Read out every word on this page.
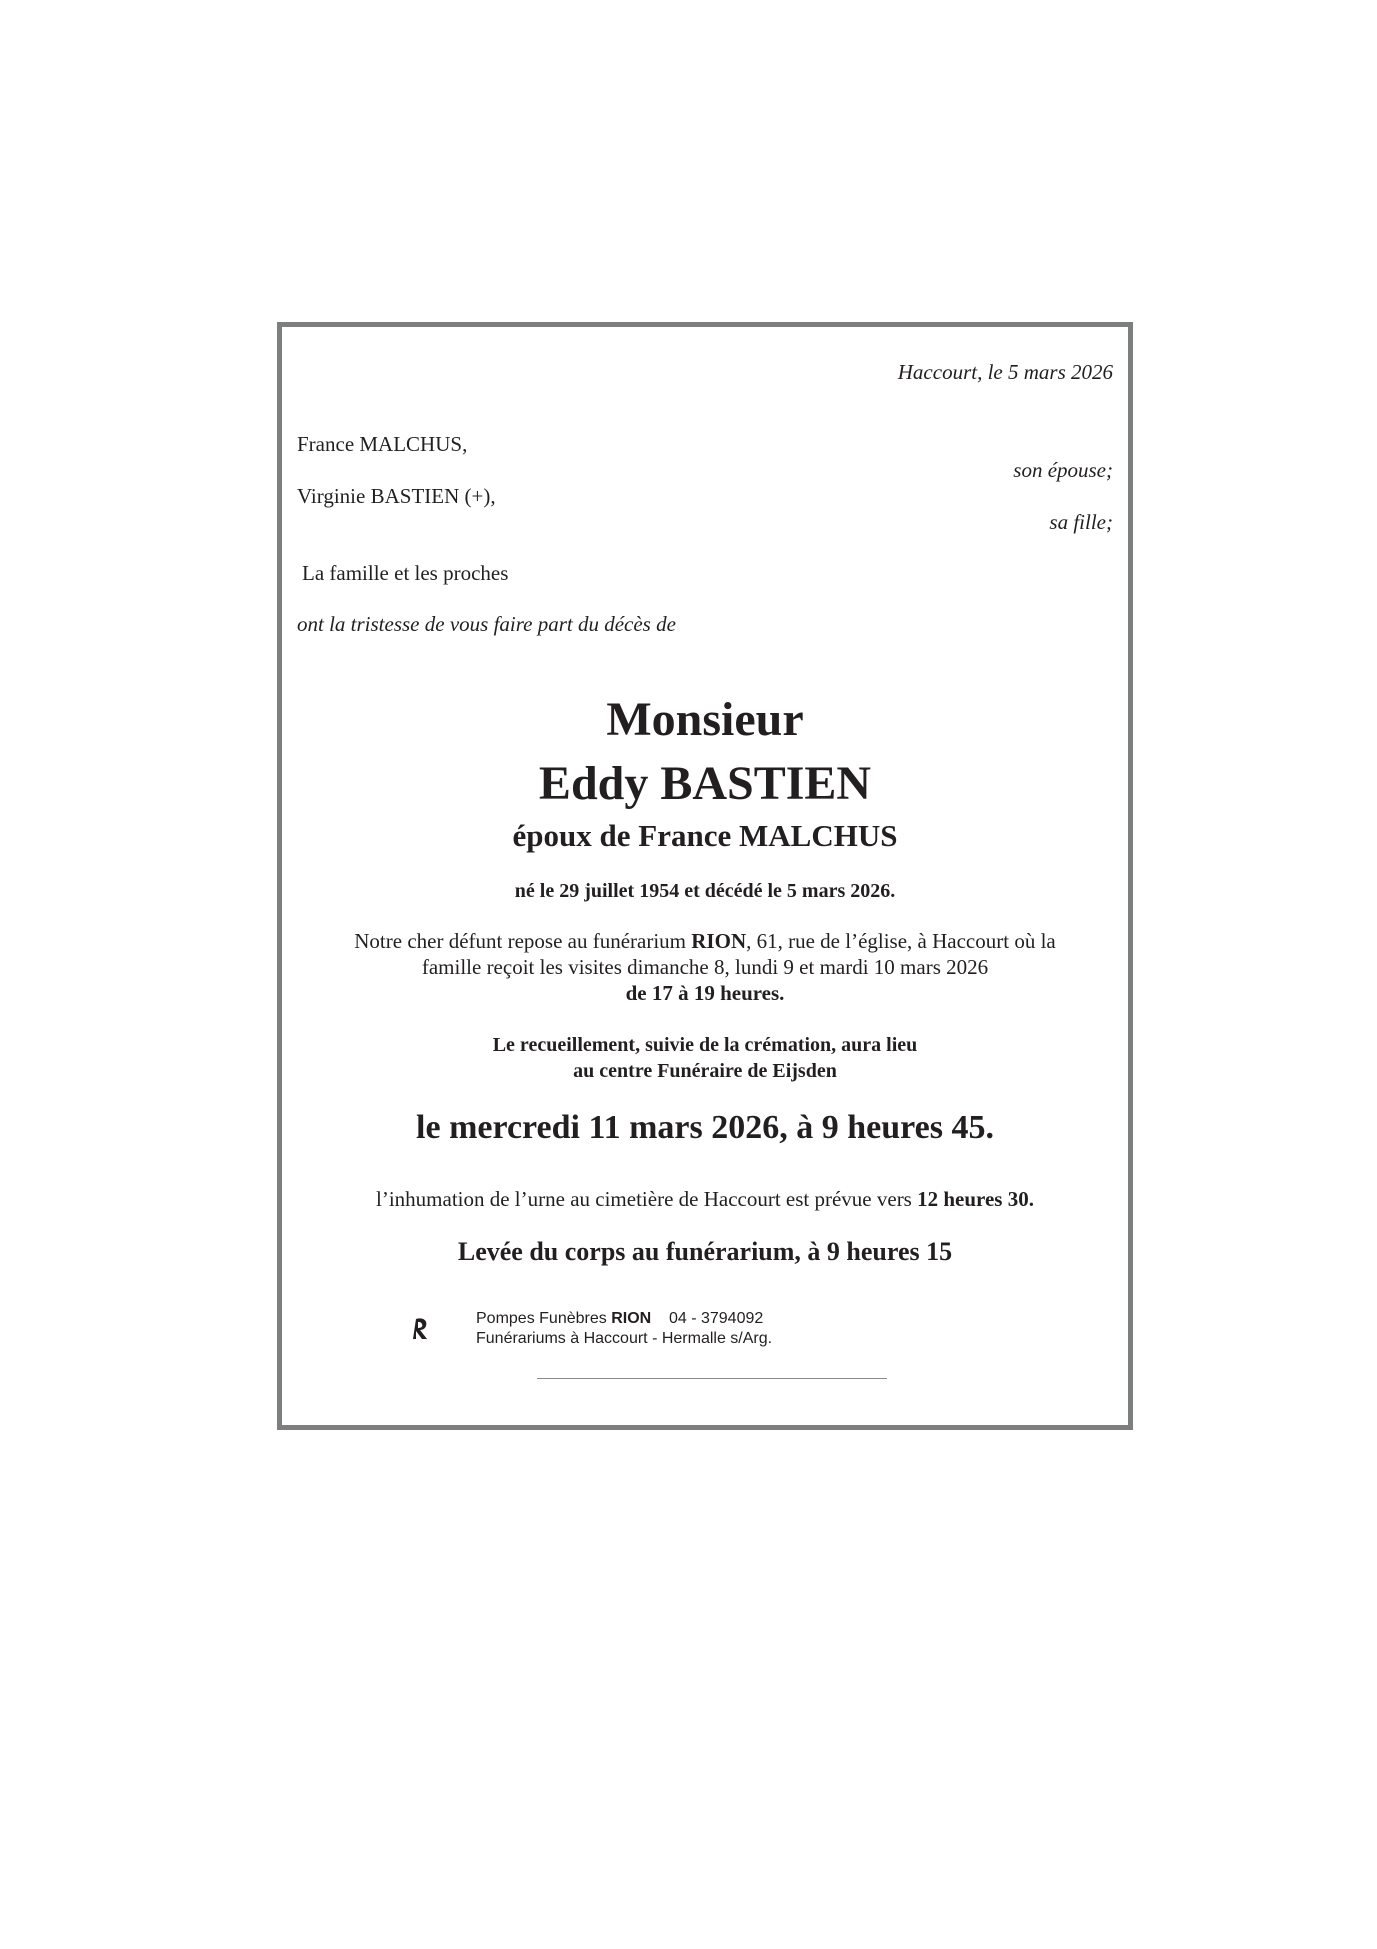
Haccourt, le 5 mars 2026
France MALCHUS,
son épouse;
Virginie BASTIEN (+),
sa fille;
La famille et les proches
ont la tristesse de vous faire part du décès de
Monsieur
Eddy BASTIEN
époux de France MALCHUS
né le 29 juillet 1954 et décédé le 5 mars 2026.
Notre cher défunt repose au funérarium RION, 61, rue de l’église, à Haccourt où la
famille reçoit les visites dimanche 8, lundi 9 et mardi 10 mars 2026
de 17 à 19 heures.
Le recueillement, suivie de la crémation, aura lieu
au centre Funéraire de Eijsden
le mercredi 11 mars 2026, à 9 heures 45.
l’inhumation de l’urne au cimetière de Haccourt est prévue vers 12 heures 30.
Levée du corps au funérarium, à 9 heures 15
Pompes Funèbres RION    04 - 3794092
Funérariums à Haccourt - Hermalle s/Arg.
